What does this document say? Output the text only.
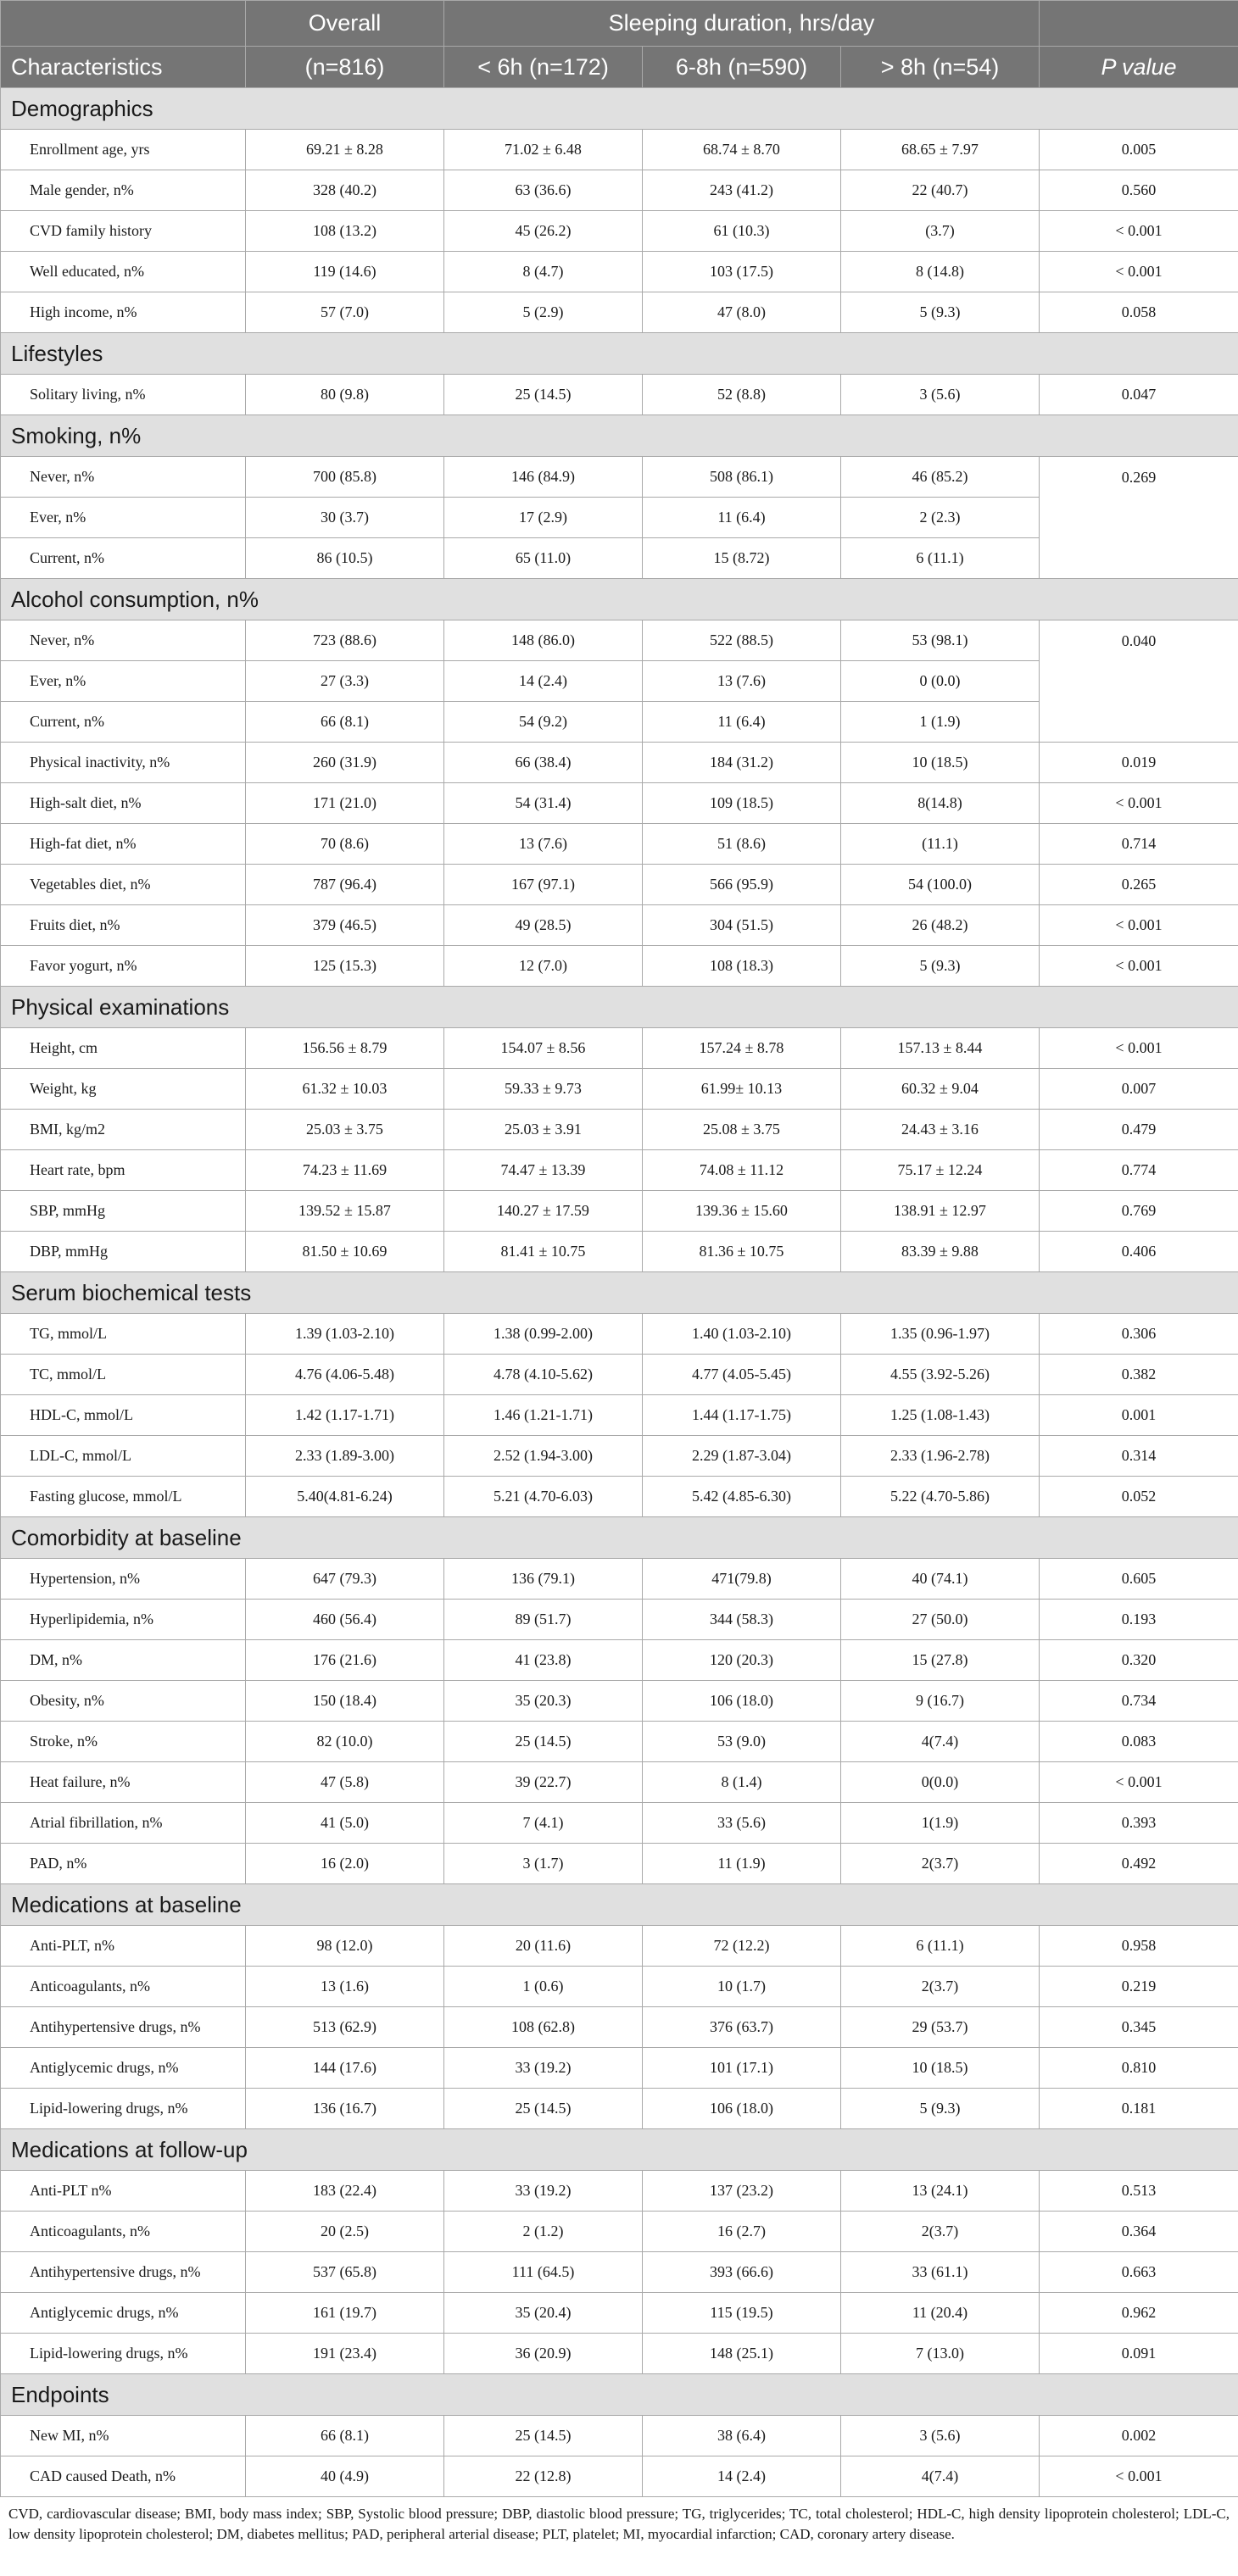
	Overall	Sleeping duration, hrs/day			
Characteristics	(n=816)	< 6h (n=172)	6-8h (n=590)	> 8h (n=54)	P value
Demographics					
Enrollment age, yrs	69.21 ± 8.28	71.02 ± 6.48	68.74 ± 8.70	68.65 ± 7.97	0.005
Male gender, n%	328 (40.2)	63 (36.6)	243 (41.2)	22 (40.7)	0.560
CVD family history	108 (13.2)	45 (26.2)	61 (10.3)	(3.7)	< 0.001
Well educated, n%	119 (14.6)	8 (4.7)	103 (17.5)	8 (14.8)	< 0.001
High income, n%	57 (7.0)	5 (2.9)	47 (8.0)	5 (9.3)	0.058
Lifestyles					
Solitary living, n%	80 (9.8)	25 (14.5)	52 (8.8)	3 (5.6)	0.047
Smoking, n%					
Never, n%	700 (85.8)	146 (84.9)	508 (86.1)	46 (85.2)	0.269
Ever, n%	30 (3.7)	17 (2.9)	11 (6.4)	2 (2.3)	
Current, n%	86 (10.5)	65 (11.0)	15 (8.72)	6 (11.1)	
Alcohol consumption, n%					
Never, n%	723 (88.6)	148 (86.0)	522 (88.5)	53 (98.1)	0.040
Ever, n%	27 (3.3)	14 (2.4)	13 (7.6)	0 (0.0)	
Current, n%	66 (8.1)	54 (9.2)	11 (6.4)	1 (1.9)	
Physical inactivity, n%	260 (31.9)	66 (38.4)	184 (31.2)	10 (18.5)	0.019
High-salt diet, n%	171 (21.0)	54 (31.4)	109 (18.5)	8(14.8)	< 0.001
High-fat diet, n%	70 (8.6)	13 (7.6)	51 (8.6)	(11.1)	0.714
Vegetables diet, n%	787 (96.4)	167 (97.1)	566 (95.9)	54 (100.0)	0.265
Fruits diet, n%	379 (46.5)	49 (28.5)	304 (51.5)	26 (48.2)	< 0.001
Favor yogurt, n%	125 (15.3)	12 (7.0)	108 (18.3)	5 (9.3)	< 0.001
Physical examinations					
Height, cm	156.56 ± 8.79	154.07 ± 8.56	157.24 ± 8.78	157.13 ± 8.44	< 0.001
Weight, kg	61.32 ± 10.03	59.33 ± 9.73	61.99± 10.13	60.32 ± 9.04	0.007
BMI, kg/m2	25.03 ± 3.75	25.03 ± 3.91	25.08 ± 3.75	24.43 ± 3.16	0.479
Heart rate, bpm	74.23 ± 11.69	74.47 ± 13.39	74.08 ± 11.12	75.17 ± 12.24	0.774
SBP, mmHg	139.52 ± 15.87	140.27 ± 17.59	139.36 ± 15.60	138.91 ± 12.97	0.769
DBP, mmHg	81.50 ± 10.69	81.41 ± 10.75	81.36 ± 10.75	83.39 ± 9.88	0.406
Serum biochemical tests					
TG, mmol/L	1.39 (1.03-2.10)	1.38 (0.99-2.00)	1.40 (1.03-2.10)	1.35 (0.96-1.97)	0.306
TC, mmol/L	4.76 (4.06-5.48)	4.78 (4.10-5.62)	4.77 (4.05-5.45)	4.55 (3.92-5.26)	0.382
HDL-C, mmol/L	1.42 (1.17-1.71)	1.46 (1.21-1.71)	1.44 (1.17-1.75)	1.25 (1.08-1.43)	0.001
LDL-C, mmol/L	2.33 (1.89-3.00)	2.52 (1.94-3.00)	2.29 (1.87-3.04)	2.33 (1.96-2.78)	0.314
Fasting glucose, mmol/L	5.40(4.81-6.24)	5.21 (4.70-6.03)	5.42 (4.85-6.30)	5.22 (4.70-5.86)	0.052
Comorbidity at baseline					
Hypertension, n%	647 (79.3)	136 (79.1)	471(79.8)	40 (74.1)	0.605
Hyperlipidemia, n%	460 (56.4)	89 (51.7)	344 (58.3)	27 (50.0)	0.193
DM, n%	176 (21.6)	41 (23.8)	120 (20.3)	15 (27.8)	0.320
Obesity, n%	150 (18.4)	35 (20.3)	106 (18.0)	9 (16.7)	0.734
Stroke, n%	82 (10.0)	25 (14.5)	53 (9.0)	4(7.4)	0.083
Heat failure, n%	47 (5.8)	39 (22.7)	8 (1.4)	0(0.0)	< 0.001
Atrial fibrillation, n%	41 (5.0)	7 (4.1)	33 (5.6)	1(1.9)	0.393
PAD, n%	16 (2.0)	3 (1.7)	11 (1.9)	2(3.7)	0.492
Medications at baseline					
Anti-PLT, n%	98 (12.0)	20 (11.6)	72 (12.2)	6 (11.1)	0.958
Anticoagulants, n%	13 (1.6)	1 (0.6)	10 (1.7)	2(3.7)	0.219
Antihypertensive drugs, n%	513 (62.9)	108 (62.8)	376 (63.7)	29 (53.7)	0.345
Antiglycemic drugs, n%	144 (17.6)	33 (19.2)	101 (17.1)	10 (18.5)	0.810
Lipid-lowering drugs, n%	136 (16.7)	25 (14.5)	106 (18.0)	5 (9.3)	0.181
Medications at follow-up					
Anti-PLT n%	183 (22.4)	33 (19.2)	137 (23.2)	13 (24.1)	0.513
Anticoagulants, n%	20 (2.5)	2 (1.2)	16 (2.7)	2(3.7)	0.364
Antihypertensive drugs, n%	537 (65.8)	111 (64.5)	393 (66.6)	33 (61.1)	0.663
Antiglycemic drugs, n%	161 (19.7)	35 (20.4)	115 (19.5)	11 (20.4)	0.962
Lipid-lowering drugs, n%	191 (23.4)	36 (20.9)	148 (25.1)	7 (13.0)	0.091
Endpoints					
New MI, n%	66 (8.1)	25 (14.5)	38 (6.4)	3 (5.6)	0.002
CAD caused Death, n%	40 (4.9)	22 (12.8)	14 (2.4)	4(7.4)	< 0.001
CVD, cardiovascular disease; BMI, body mass index; SBP, Systolic blood pressure; DBP, diastolic blood pressure; TG, triglycerides; TC, total cholesterol; HDL-C, high density lipoprotein cholesterol; LDL-C, low density lipoprotein cholesterol; DM, diabetes mellitus; PAD, peripheral arterial disease; PLT, platelet; MI, myocardial infarction; CAD, coronary artery disease.
